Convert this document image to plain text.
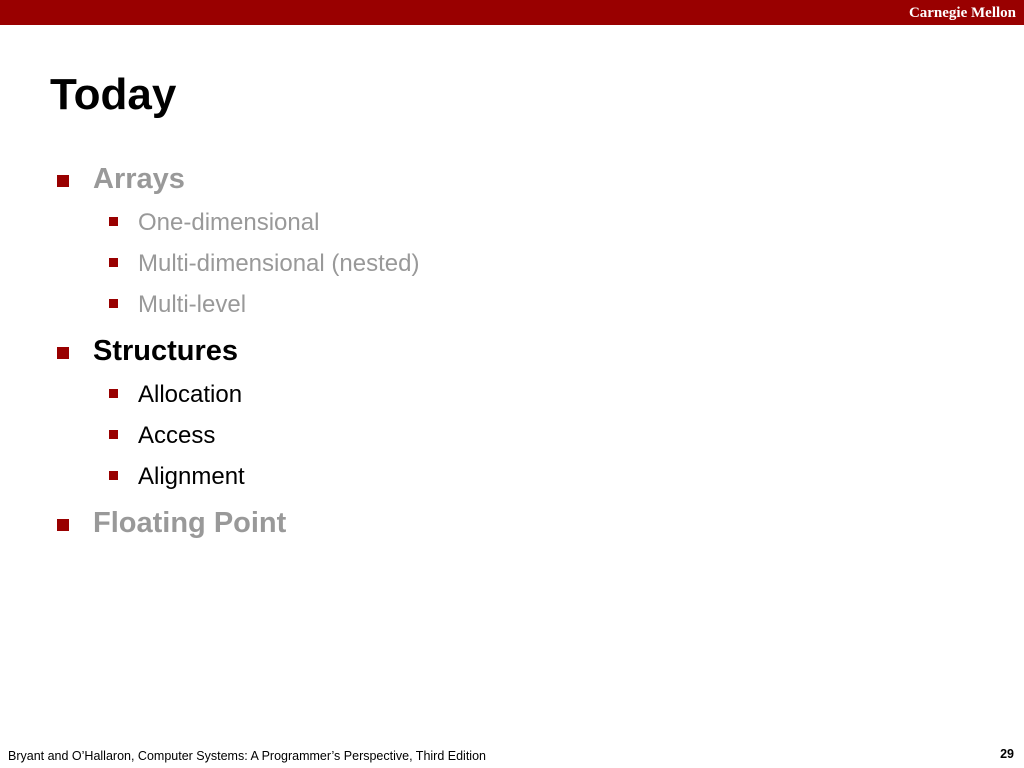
Carnegie Mellon
Today
Arrays
One-dimensional
Multi-dimensional (nested)
Multi-level
Structures
Allocation
Access
Alignment
Floating Point
Bryant and O’Hallaron, Computer Systems: A Programmer’s Perspective, Third Edition	29
